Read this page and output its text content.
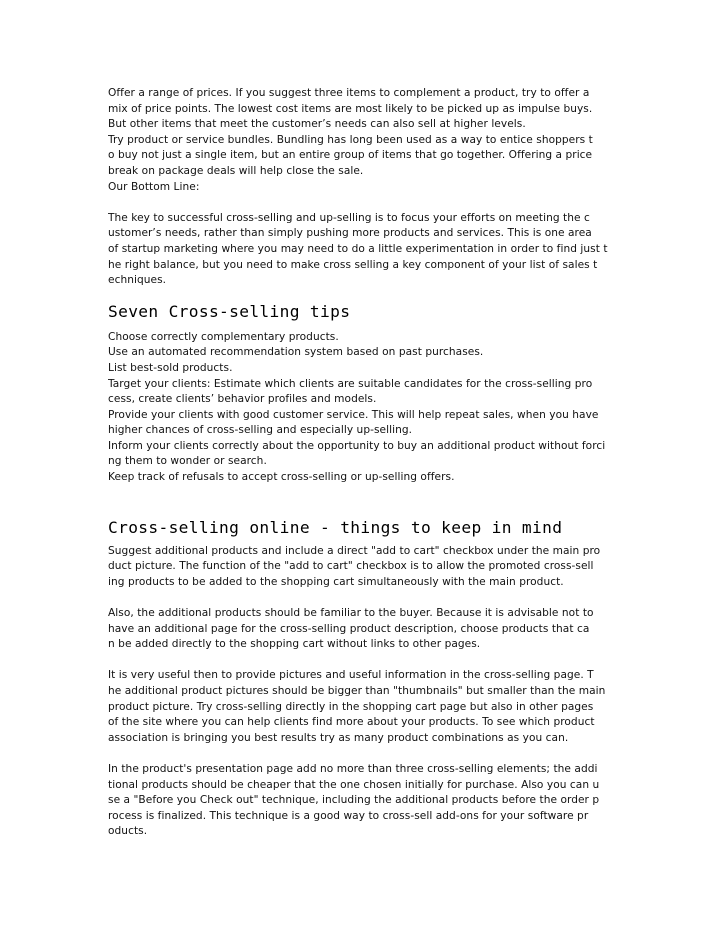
Offer a range of prices. If you suggest three items to complement a product, try to offer a
mix of price points. The lowest cost items are most likely to be picked up as impulse buys.
But other items that meet the customer’s needs can also sell at higher levels.
Try product or service bundles. Bundling has long been used as a way to entice shoppers t
o buy not just a single item, but an entire group of items that go together. Offering a price
break on package deals will help close the sale.
Our Bottom Line:
The key to successful cross-selling and up-selling is to focus your efforts on meeting the c
ustomer’s needs, rather than simply pushing more products and services. This is one area
of startup marketing where you may need to do a little experimentation in order to find just t
he right balance, but you need to make cross selling a key component of your list of sales t
echniques.
Seven Cross-selling tips
Choose correctly complementary products.
Use an automated recommendation system based on past purchases.
List best-sold products.
Target your clients: Estimate which clients are suitable candidates for the cross-selling pro
cess, create clients’ behavior profiles and models.
Provide your clients with good customer service. This will help repeat sales, when you have
higher chances of cross-selling and especially up-selling.
Inform your clients correctly about the opportunity to buy an additional product without forci
ng them to wonder or search.
Keep track of refusals to accept cross-selling or up-selling offers.
Cross-selling online - things to keep in mind
Suggest additional products and include a direct "add to cart" checkbox under the main pro
duct picture. The function of the "add to cart" checkbox is to allow the promoted cross-sell
ing products to be added to the shopping cart simultaneously with the main product.
Also, the additional products should be familiar to the buyer. Because it is advisable not to
have an additional page for the cross-selling product description, choose products that ca
n be added directly to the shopping cart without links to other pages.
It is very useful then to provide pictures and useful information in the cross-selling page. T
he additional product pictures should be bigger than "thumbnails" but smaller than the main
product picture. Try cross-selling directly in the shopping cart page but also in other pages
of the site where you can help clients find more about your products. To see which product
association is bringing you best results try as many product combinations as you can.
In the product's presentation page add no more than three cross-selling elements; the addi
tional products should be cheaper that the one chosen initially for purchase. Also you can u
se a "Before you Check out" technique, including the additional products before the order p
rocess is finalized. This technique is a good way to cross-sell add-ons for your software pr
oducts.
